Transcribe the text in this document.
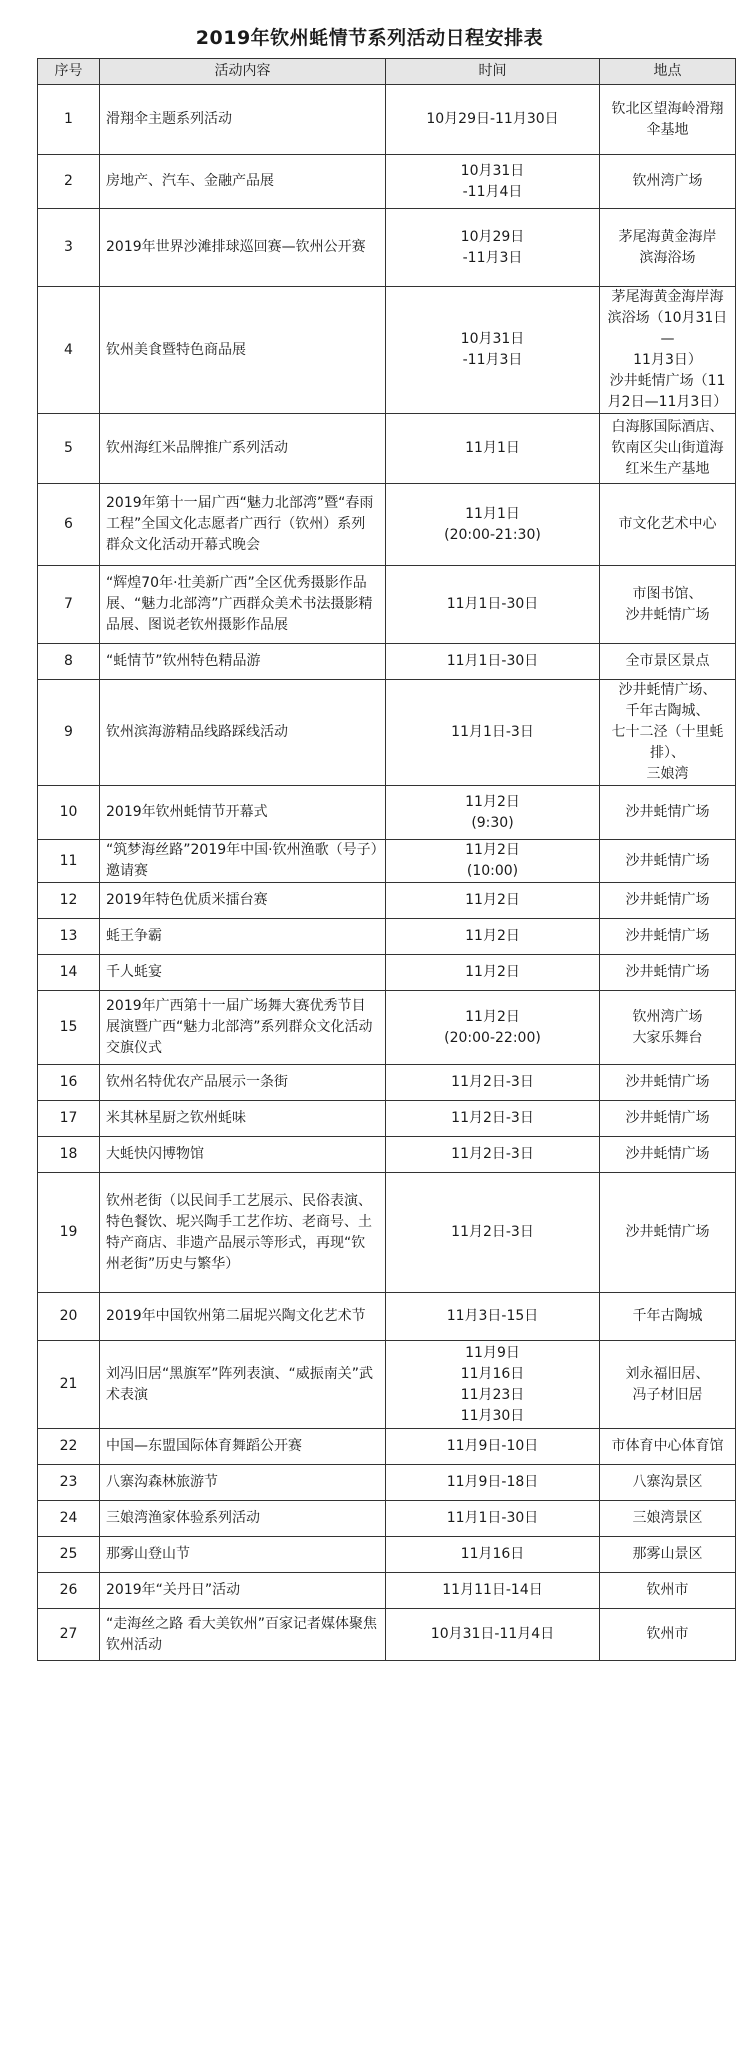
2019年钦州蚝情节系列活动日程安排表
序号	活动内容	时间	地点
1	滑翔伞主题系列活动	10月29日-11月30日	钦北区望海岭滑翔
伞基地
2	房地产、汽车、金融产品展	10月31日
-11月4日	钦州湾广场
3	2019年世界沙滩排球巡回赛—钦州公开赛	10月29日
-11月3日	茅尾海黄金海岸
滨海浴场
4	钦州美食暨特色商品展	10月31日
-11月3日	茅尾海黄金海岸海
滨浴场（10月31日—
11月3日）
沙井蚝情广场（11
月2日—11月3日）
5	钦州海红米品牌推广系列活动	11月1日	白海豚国际酒店、
钦南区尖山街道海
红米生产基地
6	2019年第十一届广西“魅力北部湾”暨“春雨工程”全国文化志愿者广西行（钦州）系列群众文化活动开幕式晚会	11月1日
(20:00-21:30)	市文化艺术中心
7	“辉煌70年·壮美新广西”全区优秀摄影作品展、“魅力北部湾”广西群众美术书法摄影精品展、图说老钦州摄影作品展	11月1日-30日	市图书馆、
沙井蚝情广场
8	“蚝情节”钦州特色精品游	11月1日-30日	全市景区景点
9	钦州滨海游精品线路踩线活动	11月1日-3日	沙井蚝情广场、
千年古陶城、
七十二泾（十里蚝
排）、
三娘湾
10	2019年钦州蚝情节开幕式	11月2日
(9:30)	沙井蚝情广场
11	“筑梦海丝路”2019年中国·钦州渔歌（号子）邀请赛	11月2日
(10:00)	沙井蚝情广场
12	2019年特色优质米擂台赛	11月2日	沙井蚝情广场
13	蚝王争霸	11月2日	沙井蚝情广场
14	千人蚝宴	11月2日	沙井蚝情广场
15	2019年广西第十一届广场舞大赛优秀节目展演暨广西“魅力北部湾”系列群众文化活动交旗仪式	11月2日
(20:00-22:00)	钦州湾广场
大家乐舞台
16	钦州名特优农产品展示一条街	11月2日-3日	沙井蚝情广场
17	米其林星厨之钦州蚝味	11月2日-3日	沙井蚝情广场
18	大蚝快闪博物馆	11月2日-3日	沙井蚝情广场
19	钦州老街（以民间手工艺展示、民俗表演、特色餐饮、坭兴陶手工艺作坊、老商号、土特产商店、非遗产品展示等形式，再现“钦州老街”历史与繁华）	11月2日-3日	沙井蚝情广场
20	2019年中国钦州第二届坭兴陶文化艺术节	11月3日-15日	千年古陶城
21	刘冯旧居“黑旗军”阵列表演、“威振南关”武术表演	11月9日
11月16日
11月23日
11月30日	刘永福旧居、
冯子材旧居
22	中国—东盟国际体育舞蹈公开赛	11月9日-10日	市体育中心体育馆
23	八寨沟森林旅游节	11月9日-18日	八寨沟景区
24	三娘湾渔家体验系列活动	11月1日-30日	三娘湾景区
25	那雾山登山节	11月16日	那雾山景区
26	2019年“关丹日”活动	11月11日-14日	钦州市
27	“走海丝之路 看大美钦州”百家记者媒体聚焦钦州活动	10月31日-11月4日	钦州市
